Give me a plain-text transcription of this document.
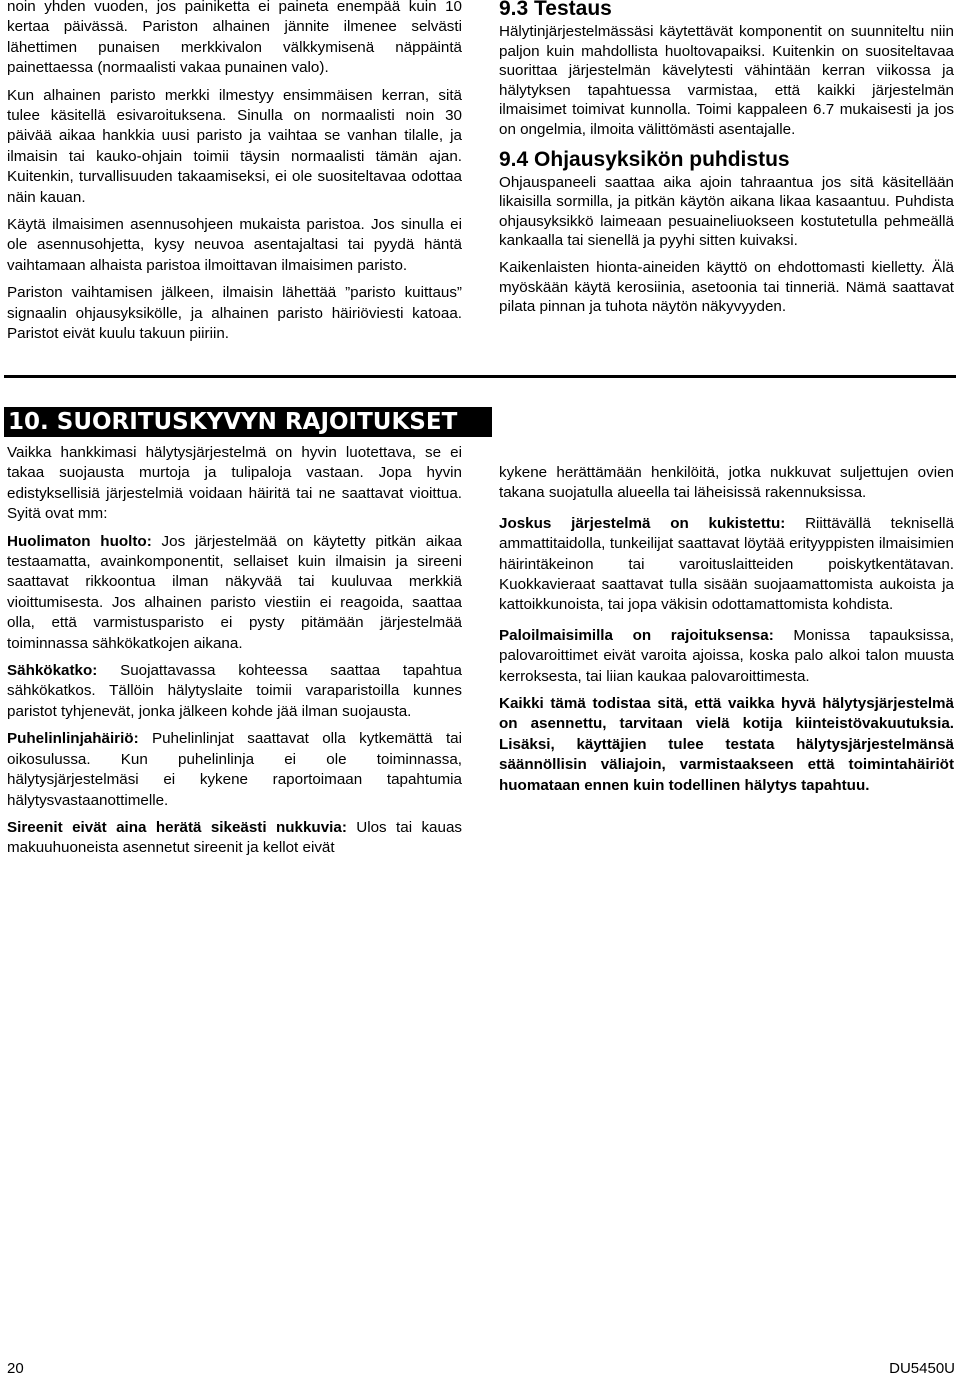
noin yhden vuoden, jos painiketta ei paineta enempää kuin 10 kertaa päivässä. Pariston alhainen jännite ilmenee selvästi lähettimen punaisen merkkivalon välkkymisenä näppäintä painettaessa (normaalisti vakaa punainen valo).

Kun alhainen paristo merkki ilmestyy ensimmäisen kerran, sitä tulee käsitellä esivaroituksena. Sinulla on normaalisti noin 30 päivää aikaa hankkia uusi paristo ja vaihtaa se vanhan tilalle, ja ilmaisin tai kauko-ohjain toimii täysin normaalisti tämän ajan. Kuitenkin, turvallisuuden takaamiseksi, ei ole suositeltavaa odottaa näin kauan.

Käytä ilmaisimen asennusohjeen mukaista paristoa. Jos sinulla ei ole asennusohjetta, kysy neuvoa asentajaltasi tai pyydä häntä vaihtamaan alhaista paristoa ilmoittavan ilmaisimen paristo.

Pariston vaihtamisen jälkeen, ilmaisin lähettää ”paristo kuittaus” signaalin ohjausyksikölle, ja alhainen paristo häiriöviesti katoaa. Paristot eivät kuulu takuun piiriin.

9.3 Testaus

Hälytinjärjestelmässäsi käytettävät komponentit on suunniteltu niin paljon kuin mahdollista huoltovapaiksi. Kuitenkin on suositeltavaa suorittaa järjestelmän kävelytesti vähintään kerran viikossa ja hälytyksen tapahtuessa varmistaa, että kaikki järjestelmän ilmaisimet toimivat kunnolla. Toimi kappaleen 6.7 mukaisesti ja jos on ongelmia, ilmoita välittömästi asentajalle.

9.4 Ohjausyksikön puhdistus

Ohjauspaneeli saattaa aika ajoin tahraantua jos sitä käsitellään likaisilla sormilla, ja pitkän käytön aikana likaa kasaantuu. Puhdista ohjausyksikkö laimeaan pesuaineliuokseen kostutetulla pehmeällä kankaalla tai sienellä ja pyyhi sitten kuivaksi.

Kaikenlaisten hionta-aineiden käyttö on ehdottomasti kielletty. Älä myöskään käytä kerosiinia, asetoonia tai tinneriä. Nämä saattavat pilata pinnan ja tuhota näytön näkyvyyden.

10. SUORITUSKYVYN RAJOITUKSET

Vaikka hankkimasi hälytysjärjestelmä on hyvin luotettava, se ei takaa suojausta murtoja ja tulipaloja vastaan. Jopa hyvin edistyksellisiä järjestelmiä voidaan häiritä tai ne saattavat vioittua. Syitä ovat mm:

Huolimaton huolto: Jos järjestelmää on käytetty pitkän aikaa testaamatta, avainkomponentit, sellaiset kuin ilmaisin ja sireeni saattavat rikkoontua ilman näkyvää tai kuuluvaa merkkiä vioittumisesta. Jos alhainen paristo viestiin ei reagoida, saattaa olla, että varmistusparisto ei pysty pitämään järjestelmää toiminnassa sähkökatkojen aikana.

Sähkökatko: Suojattavassa kohteessa saattaa tapahtua sähkökatkos. Tällöin hälytyslaite toimii varaparistoilla kunnes paristot tyhjenevät, jonka jälkeen kohde jää ilman suojausta.

Puhelinlinjahäiriö: Puhelinlinjat saattavat olla kytkemättä tai oikosulussa. Kun puhelinlinja ei ole toiminnassa, hälytysjärjestelmäsi ei kykene raportoimaan tapahtumia hälytysvastaanottimelle.

Sireenit eivät aina herätä sikeästi nukkuvia: Ulos tai kauas makuuhuoneista asennetut sireenit ja kellot eivät

kykene herättämään henkilöitä, jotka nukkuvat suljettujen ovien takana suojatulla alueella tai läheisissä rakennuksissa.

Joskus järjestelmä on kukistettu: Riittävällä teknisellä ammattitaidolla, tunkeilijat saattavat löytää erityyppisten ilmaisimien häirintäkeinon tai varoituslaitteiden poiskytkentätavan. Kuokkavieraat saattavat tulla sisään suojaamattomista aukoista ja kattoikkunoista, tai jopa väkisin odottamattomista kohdista.

Paloilmaisimilla on rajoituksensa: Monissa tapauksissa, palovaroittimet eivät varoita ajoissa, koska palo alkoi talon muusta kerroksesta, tai liian kaukaa palovaroittimesta.

Kaikki tämä todistaa sitä, että vaikka hyvä hälytysjärjestelmä on asennettu, tarvitaan vielä kotija kiinteistövakuutuksia. Lisäksi, käyttäjien tulee testata hälytysjärjestelmänsä säännöllisin väliajoin, varmistaakseen että toimintahäiriöt huomataan ennen kuin todellinen hälytys tapahtuu.

20	DU5450U
